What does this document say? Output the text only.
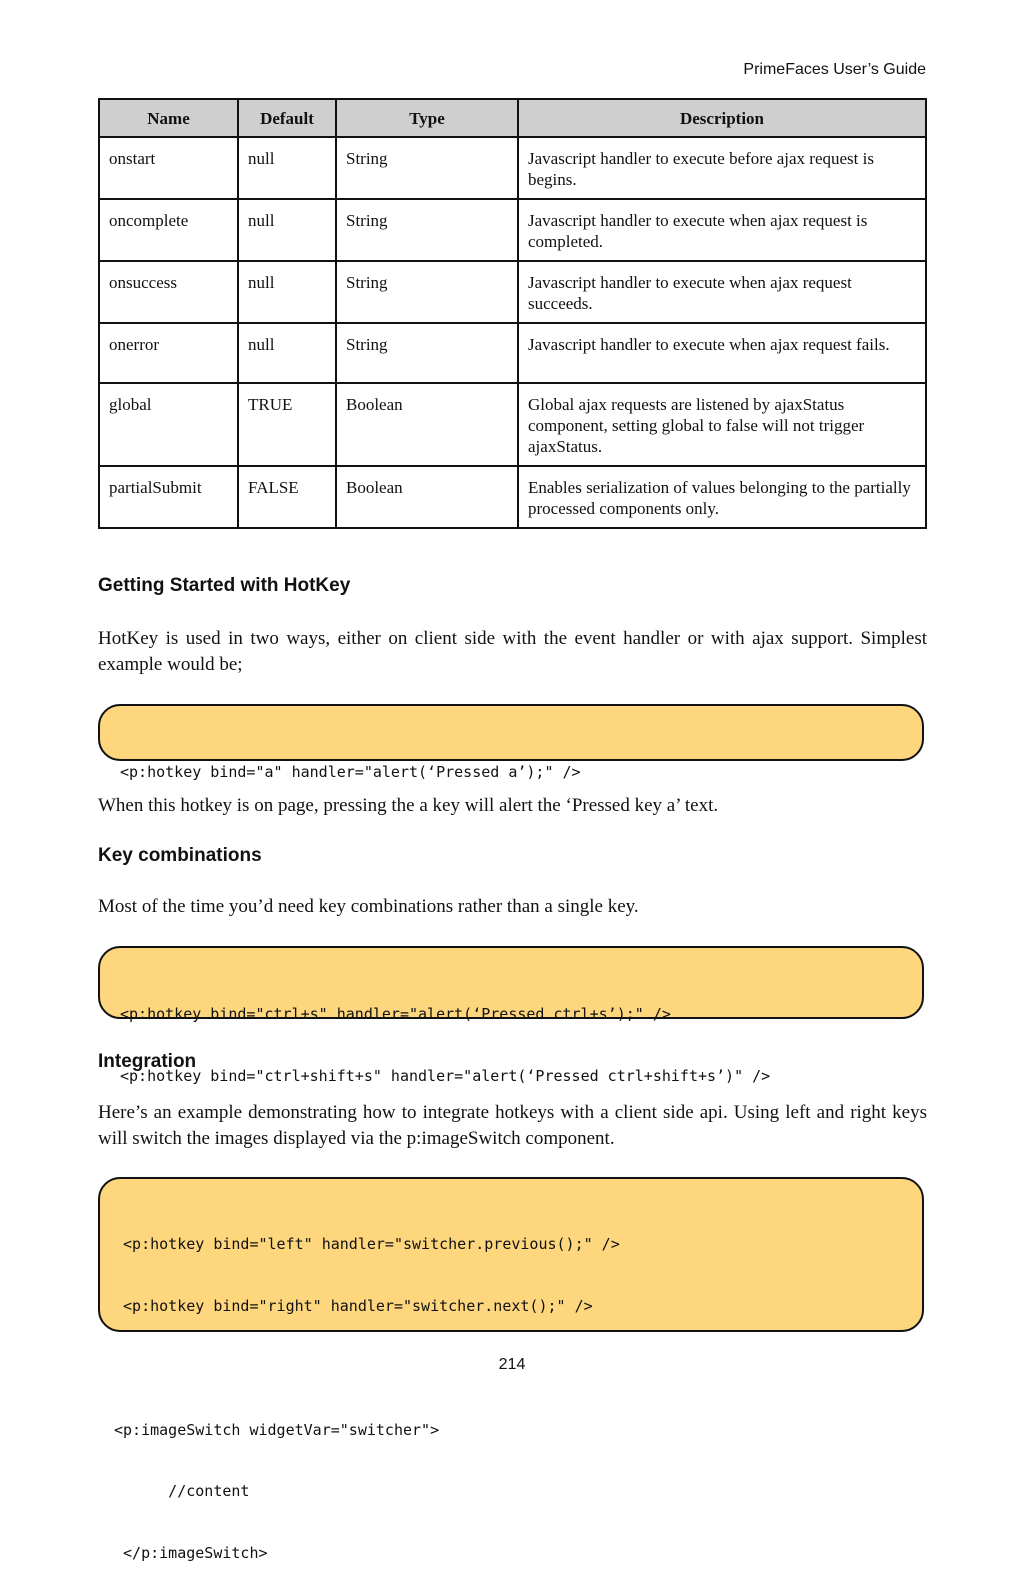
PrimeFaces User’s Guide
Name	Default	Type	Description
onstart	null	String	Javascript handler to execute before ajax request is begins.
oncomplete	null	String	Javascript handler to execute when ajax request is completed.
onsuccess	null	String	Javascript handler to execute when ajax request succeeds.
onerror	null	String	Javascript handler to execute when ajax request fails.
global	TRUE	Boolean	Global ajax requests are listened by ajaxStatus component, setting global to false will not trigger ajaxStatus.
partialSubmit	FALSE	Boolean	Enables serialization of values belonging to the partially processed components only.
Getting Started with HotKey

HotKey is used in two ways, either on client side with the event handler or with ajax support. Simplest example would be;

<p:hotkey bind="a" handler="alert(‘Pressed a’);" />

When this hotkey is on page, pressing the a key will alert the ‘Pressed key a’ text.

Key combinations

Most of the time you’d need key combinations rather than a single key.

<p:hotkey bind="ctrl+s" handler="alert(‘Pressed ctrl+s’);" />

<p:hotkey bind="ctrl+shift+s" handler="alert(‘Pressed ctrl+shift+s’)" />

Integration

Here’s an example demonstrating how to integrate hotkeys with a client side api. Using left and right keys will switch the images displayed via the p:imageSwitch component.

<p:hotkey bind="left" handler="switcher.previous();" />

<p:hotkey bind="right" handler="switcher.next();" />

<p:imageSwitch widgetVar="switcher">

//content

</p:imageSwitch>

214
